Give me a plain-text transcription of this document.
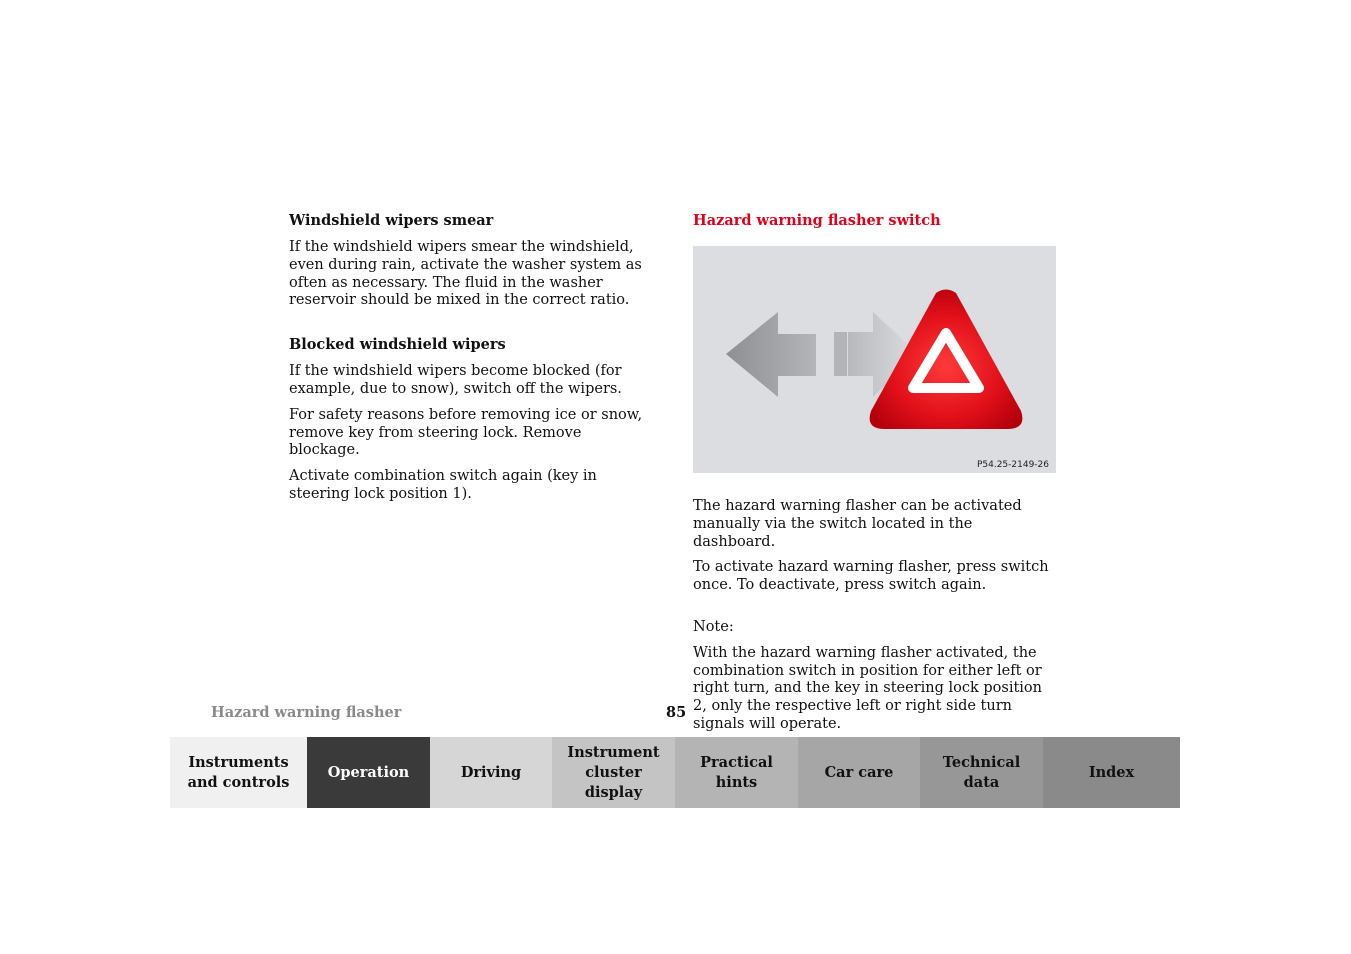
Windshield wipers smear

If the windshield wipers smear the windshield, even during rain, activate the washer system as often as necessary. The fluid in the washer reservoir should be mixed in the correct ratio.

Blocked windshield wipers

If the windshield wipers become blocked (for example, due to snow), switch off the wipers.

For safety reasons before removing ice or snow, remove key from steering lock. Remove blockage.

Activate combination switch again (key in steering lock position 1).

Hazard warning flasher switch
P54.25-2149-26

The hazard warning flasher can be activated manually via the switch located in the dashboard.

To activate hazard warning flasher, press switch once. To deactivate, press switch again.

Note:

With the hazard warning flasher activated, the combination switch in position for either left or right turn, and the key in steering lock position 2, only the respective left or right side turn signals will operate.

Hazard warning flasher	85
Instruments
and controls
Operation	Driving
Instrument
cluster display
Practical hints
Car care
Technical
data
Index
